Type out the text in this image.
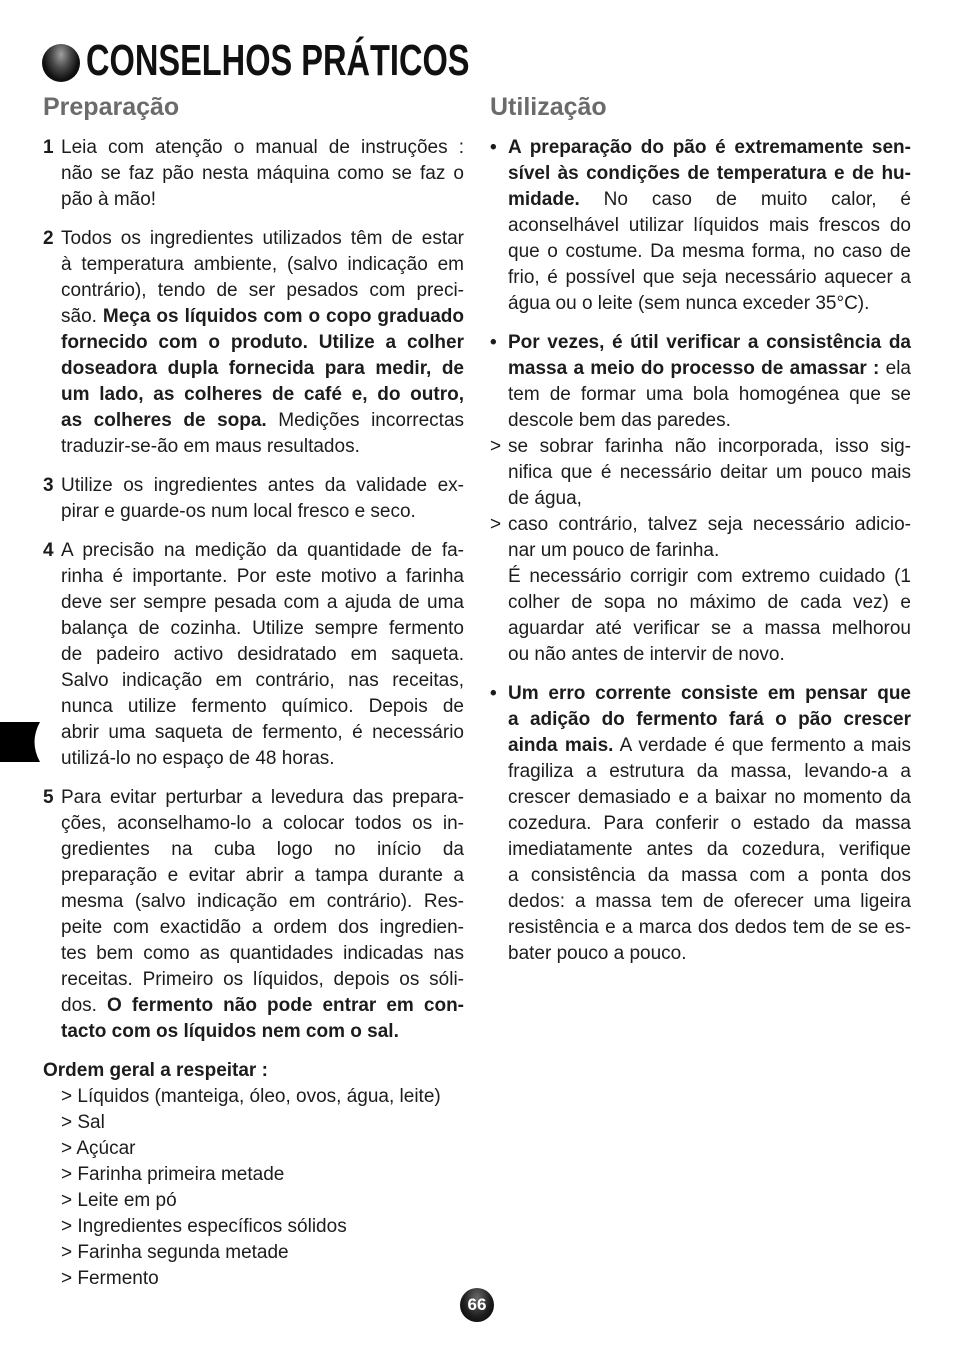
CONSELHOS PRÁTICOS
Preparação	Utilização
1 Leia com atenção o manual de instruções :
não se faz pão nesta máquina como se faz o
pão à mão!
2 Todos os ingredientes utilizados têm de estar
à temperatura ambiente, (salvo indicação em
contrário), tendo de ser pesados com preci-
são. Meça os líquidos com o copo graduado
fornecido com o produto. Utilize a colher
doseadora dupla fornecida para medir, de
um lado, as colheres de café e, do outro,
as colheres de sopa. Medições incorrectas
traduzir-se-ão em maus resultados.
3 Utilize os ingredientes antes da validade ex-
pirar e guarde-os num local fresco e seco.
4 A precisão na medição da quantidade de fa-
rinha é importante. Por este motivo a farinha
deve ser sempre pesada com a ajuda de uma
balança de cozinha. Utilize sempre fermento
de padeiro activo desidratado em saqueta.
Salvo indicação em contrário, nas receitas,
nunca utilize fermento químico. Depois de
abrir uma saqueta de fermento, é necessário
utilizá-lo no espaço de 48 horas.
5 Para evitar perturbar a levedura das prepara-
ções, aconselhamo-lo a colocar todos os in-
gredientes na cuba logo no início da
preparação e evitar abrir a tampa durante a
mesma (salvo indicação em contrário). Res-
peite com exactidão a ordem dos ingredien-
tes bem como as quantidades indicadas nas
receitas. Primeiro os líquidos, depois os sóli-
dos. O fermento não pode entrar em con-
tacto com os líquidos nem com o sal.
Ordem geral a respeitar :
> Líquidos (manteiga, óleo, ovos, água, leite)
> Sal
> Açúcar
> Farinha primeira metade
> Leite em pó
> Ingredientes específicos sólidos
> Farinha segunda metade
> Fermento
• A preparação do pão é extremamente sen-
sível às condições de temperatura e de hu-
midade. No caso de muito calor, é
aconselhável utilizar líquidos mais frescos do
que o costume. Da mesma forma, no caso de
frio, é possível que seja necessário aquecer a
água ou o leite (sem nunca exceder 35°C).
• Por vezes, é útil verificar a consistência da
massa a meio do processo de amassar : ela
tem de formar uma bola homogénea que se
descole bem das paredes.
> se sobrar farinha não incorporada, isso sig-
nifica que é necessário deitar um pouco mais
de água,
> caso contrário, talvez seja necessário adicio-
nar um pouco de farinha.
É necessário corrigir com extremo cuidado (1
colher de sopa no máximo de cada vez) e
aguardar até verificar se a massa melhorou
ou não antes de intervir de novo.
• Um erro corrente consiste em pensar que
a adição do fermento fará o pão crescer
ainda mais. A verdade é que fermento a mais
fragiliza a estrutura da massa, levando-a a
crescer demasiado e a baixar no momento da
cozedura. Para conferir o estado da massa
imediatamente antes da cozedura, verifique
a consistência da massa com a ponta dos
dedos: a massa tem de oferecer uma ligeira
resistência e a marca dos dedos tem de se es-
bater pouco a pouco.
66
